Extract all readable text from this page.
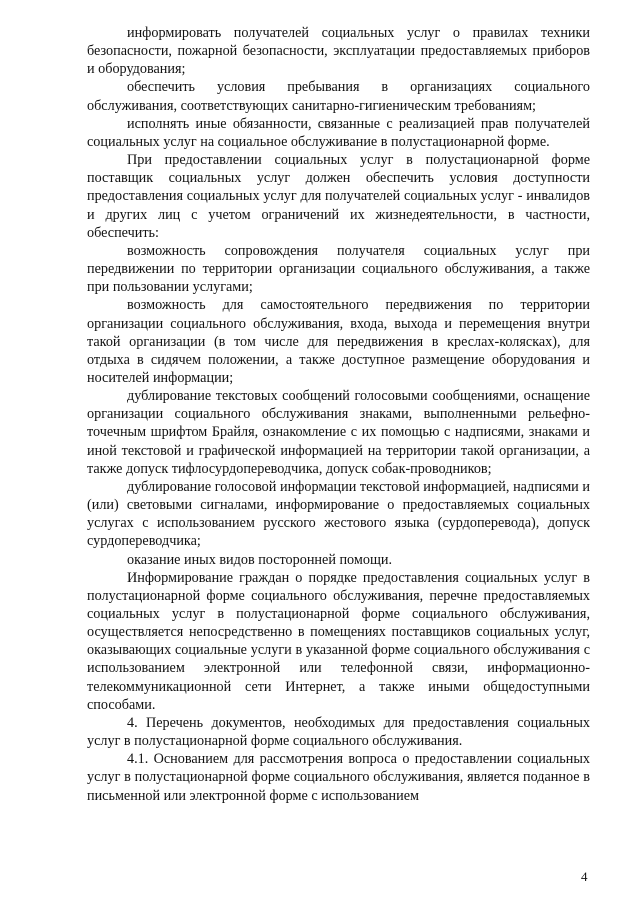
информировать получателей социальных услуг о правилах техники безопасности, пожарной безопасности, эксплуатации предоставляемых приборов и оборудования;

обеспечить условия пребывания в организациях социального обслуживания, соответствующих санитарно-гигиеническим требованиям;

исполнять иные обязанности, связанные с реализацией прав получателей социальных услуг на социальное обслуживание в полустационарной форме.

При предоставлении социальных услуг в полустационарной форме поставщик социальных услуг должен обеспечить условия доступности предоставления социальных услуг для получателей социальных услуг - инвалидов и других лиц с учетом ограничений их жизнедеятельности, в частности, обеспечить:

возможность сопровождения получателя социальных услуг при передвижении по территории организации социального обслуживания, а также при пользовании услугами;

возможность для самостоятельного передвижения по территории организации социального обслуживания, входа, выхода и перемещения внутри такой организации (в том числе для передвижения в креслах-колясках), для отдыха в сидячем положении, а также доступное размещение оборудования и носителей информации;

дублирование текстовых сообщений голосовыми сообщениями, оснащение организации социального обслуживания знаками, выполненными рельефно-точечным шрифтом Брайля, ознакомление с их помощью с надписями, знаками и иной текстовой и графической информацией на территории такой организации, а также допуск тифлосурдопереводчика, допуск собак-проводников;

дублирование голосовой информации текстовой информацией, надписями и (или) световыми сигналами, информирование о предоставляемых социальных услугах с использованием русского жестового языка (сурдоперевода), допуск сурдопереводчика;

оказание иных видов посторонней помощи.

Информирование граждан о порядке предоставления социальных услуг в полустационарной форме социального обслуживания, перечне предоставляемых социальных услуг в полустационарной форме социального обслуживания, осуществляется непосредственно в помещениях поставщиков социальных услуг, оказывающих социальные услуги в указанной форме социального обслуживания с использованием электронной или телефонной связи, информационно-телекоммуникационной сети Интернет, а также иными общедоступными способами.

4. Перечень документов, необходимых для предоставления социальных услуг в полустационарной форме социального обслуживания.

4.1. Основанием для рассмотрения вопроса о предоставлении социальных услуг в полустационарной форме социального обслуживания, является поданное в письменной или электронной форме с использованием

4
